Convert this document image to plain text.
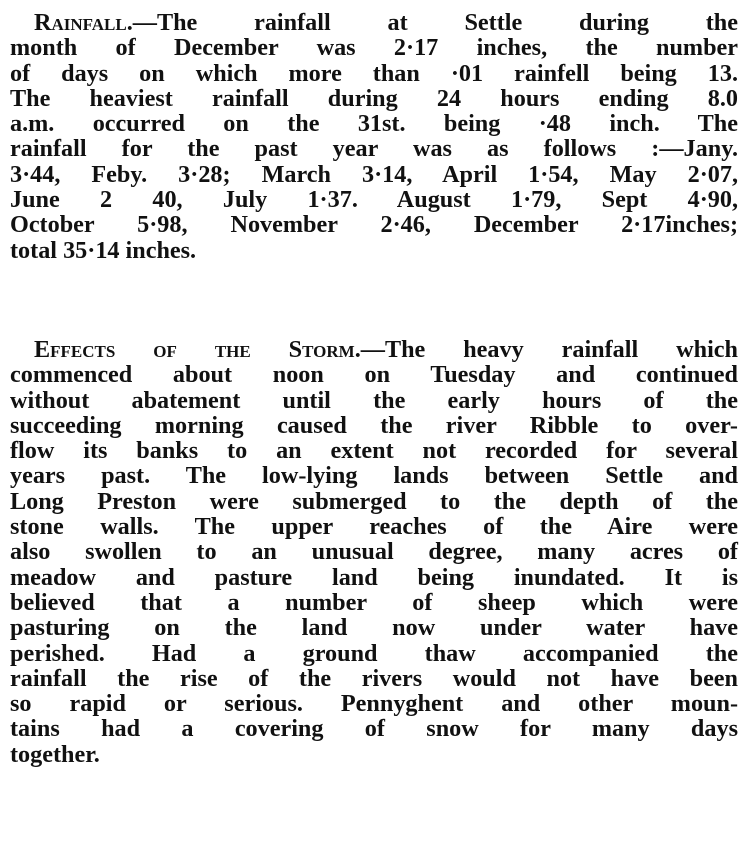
Rainfall.—The rainfall at Settle during the
month of December was 2·17 inches, the number
of days on which more than ·01 rainfell being 13.
The heaviest rainfall during 24 hours ending 8.0
a.m. occurred on the 31st. being ·48 inch. The
rainfall for the past year was as follows :—Jany.
3·44, Feby. 3·28; March 3·14, April 1·54, May 2·07,
June 2 40, July 1·37. August 1·79, Sept 4·90,
October 5·98, November 2·46, December 2·17inches;
total 35·14 inches.
Effects of the Storm.—The heavy rainfall which
commenced about noon on Tuesday and continued
without abatement until the early hours of the
succeeding morning caused the river Ribble to over-
flow its banks to an extent not recorded for several
years past. The low-lying lands between Settle and
Long Preston were submerged to the depth of the
stone walls. The upper reaches of the Aire were
also swollen to an unusual degree, many acres of
meadow and pasture land being inundated. It is
believed that a number of sheep which were
pasturing on the land now under water have
perished. Had a ground thaw accompanied the
rainfall the rise of the rivers would not have been
so rapid or serious. Pennyghent and other moun-
tains had a covering of snow for many days
together.
